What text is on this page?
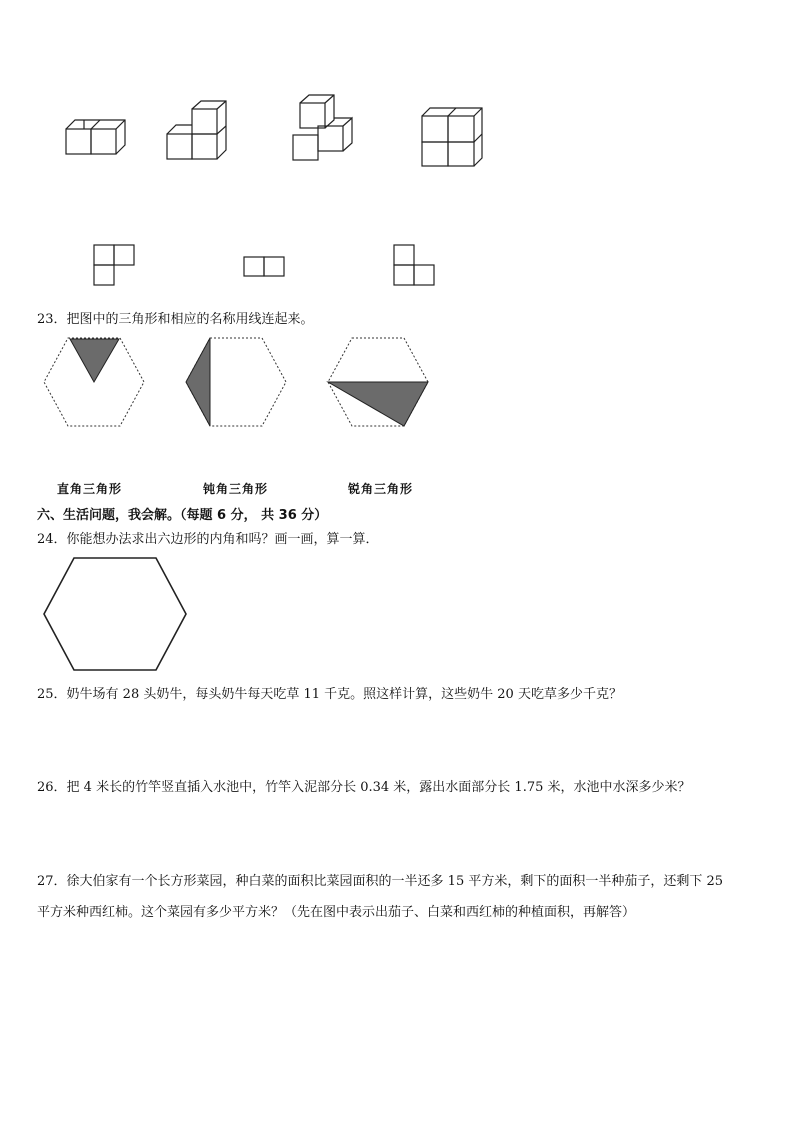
23．把图中的三角形和相应的名称用线连起来。
直角三角形	钝角三角形	锐角三角形
六、生活问题，我会解。（每题 6 分， 共 36 分）
24．你能想办法求出六边形的内角和吗？画一画，算一算．
25．奶牛场有 28 头奶牛，每头奶牛每天吃草 11 千克。照这样计算，这些奶牛 20 天吃草多少千克？
26．把 4 米长的竹竿竖直插入水池中，竹竿入泥部分长 0.34 米，露出水面部分长 1.75 米，水池中水深多少米？
27．徐大伯家有一个长方形菜园，种白菜的面积比菜园面积的一半还多 15 平方米，剩下的面积一半种茄子，还剩下 25
平方米种西红柿。这个菜园有多少平方米？（先在图中表示出茄子、白菜和西红柿的种植面积，再解答）
